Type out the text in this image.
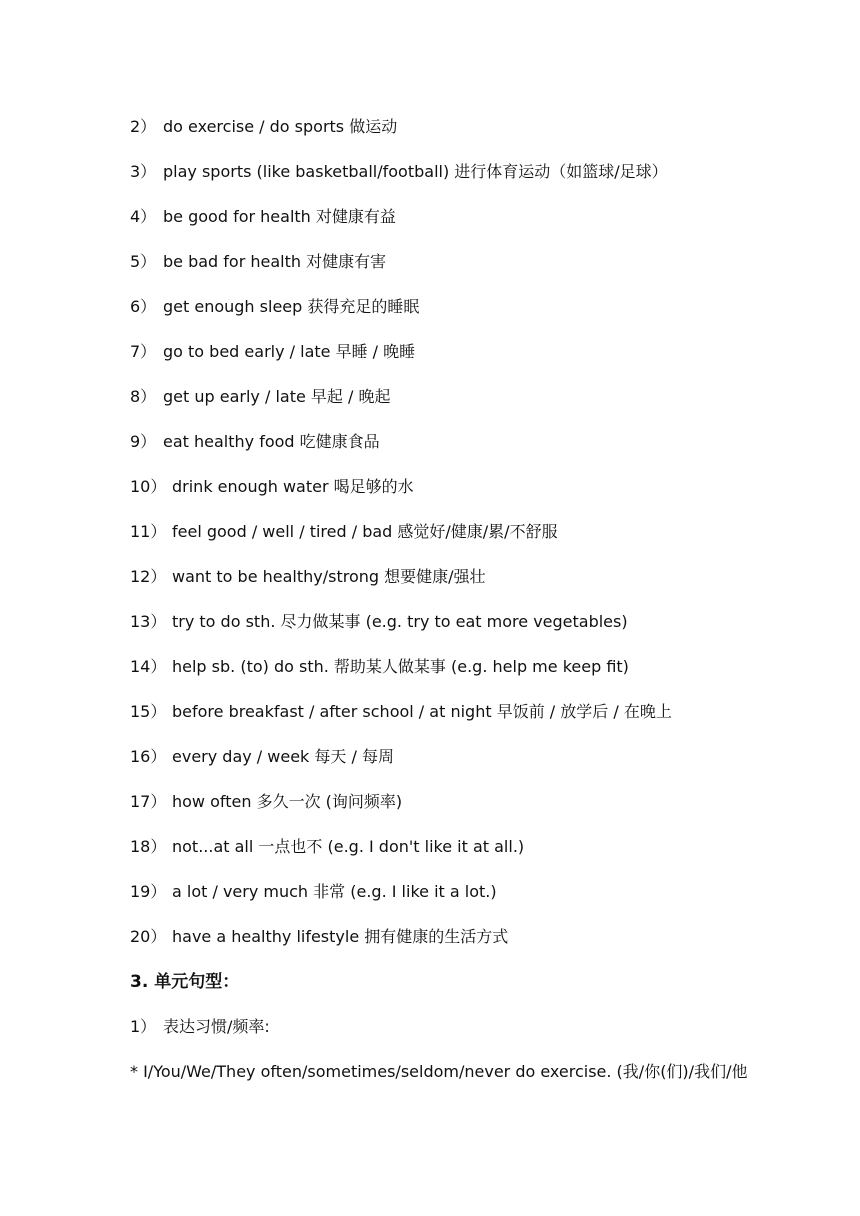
2） do exercise / do sports 做运动
3） play sports (like basketball/football) 进行体育运动（如篮球/足球）
4） be good for health 对健康有益
5） be bad for health 对健康有害
6） get enough sleep 获得充足的睡眠
7） go to bed early / late 早睡 / 晚睡
8） get up early / late 早起 / 晚起
9） eat healthy food 吃健康食品
10） drink enough water 喝足够的水
11） feel good / well / tired / bad 感觉好/健康/累/不舒服
12） want to be healthy/strong 想要健康/强壮
13） try to do sth. 尽力做某事 (e.g. try to eat more vegetables)
14） help sb. (to) do sth. 帮助某人做某事 (e.g. help me keep fit)
15） before breakfast / after school / at night 早饭前 / 放学后 / 在晚上
16） every day / week 每天 / 每周
17） how often 多久一次 (询问频率)
18） not...at all 一点也不 (e.g. I don't like it at all.)
19） a lot / very much 非常 (e.g. I like it a lot.)
20） have a healthy lifestyle 拥有健康的生活方式
3. 单元句型：
1） 表达习惯/频率:
* I/You/We/They often/sometimes/seldom/never do exercise. (我/你(们)/我们/他
